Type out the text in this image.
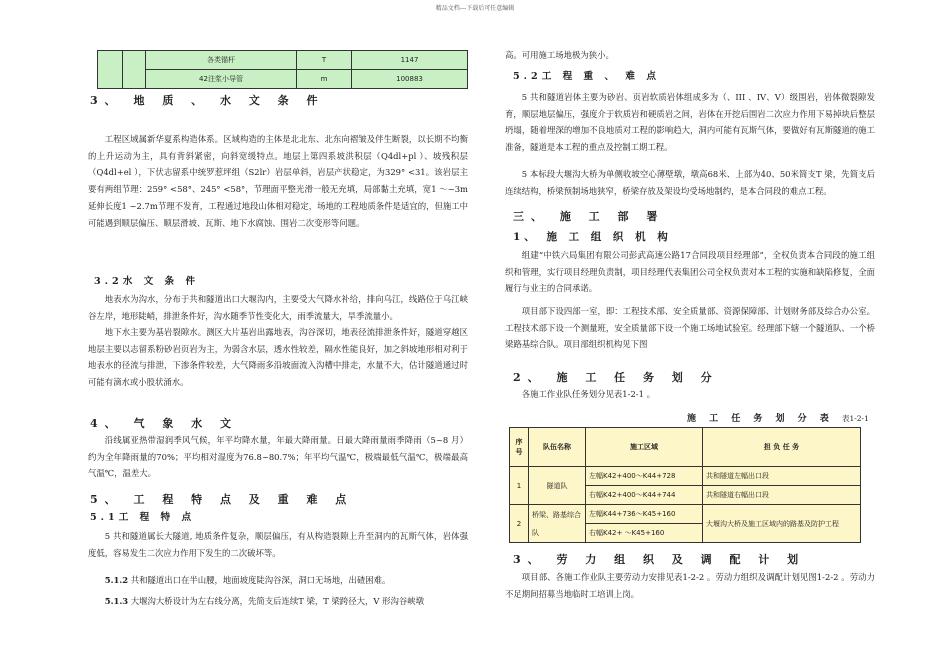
精品文档---下载后可任意编辑
		各类锚杆	T	1147
		42注浆小导管	m	100883
3、 地 质 、 水 文 条 件

工程区域属新华夏系构造体系。区域构造的主体是北北东、北东向褶皱及伴生断裂，以长期不均衡的上升运动为主，具有背斜紧密，向斜宽缓特点。地层上第四系坡洪积层（Q4dl+pl ）、坡残积层（Q4dl+el ），下伏志留系中统罗惹坪组（S2lr）岩层单斜，岩层产状稳定，为329° <31。该岩层主要有两组节理：259° <58°、245° <58°，节理面平整光滑一般无充填，局部黏土充填，宽1 ～~3m延伸长度1 ~2.7m节理不发育，工程通过地段山体相对稳定，场地的工程地质条件是适宜的，但施工中可能遇到顺层偏压、顺层滑坡、瓦斯、地下水腐蚀、围岩二次变形等问题。

3.2水 文 条 件

地表水为沟水，分布于共和隧道出口大堰沟内，主要受大气降水补给，排向乌江，线路位于乌江峡谷左岸，地形陡峭，排泄条件好，沟水随季节性变化大，雨季流量大，旱季流量小。

地下水主要为基岩裂隙水。测区大片基岩出露地表，沟谷深切，地表径流排泄条件好，隧道穿越区地层主要以志留系粉砂岩页岩为主，为弱含水层，透水性较差，隔水性能良好，加之斜坡地形相对利于地表水的径流与排泄，下渗条件较差，大气降雨多沿坡面流入沟槽中排走，水量不大，估计隧道通过时可能有滴水或小股状涌水。

4、 气 象 水 文

沿线属亚热带湿润季风气候，年平均降水量，年最大降雨量。日最大降雨量雨季降雨（5~8 月）约为全年降雨量的70%；平均相对湿度为76.8~80.7%；年平均气温℃，极端最低气温℃，极端最高气温℃，温差大。

5、 工 程 特 点 及 重 难 点
5.1工 程 特 点

5 共和隧道属长大隧道, 地质条件复杂，顺层偏压，有从构造裂隙上升至洞内的瓦斯气体，岩体强度低，容易发生二次应力作用下发生的二次破坏等。

5.1.2 共和隧道出口在半山腰，地面坡度陡沟谷深，洞口无场地，出碴困难。

5.1.3 大堰沟大桥设计为左右线分离，先简支后连续T 梁，T 梁跨径大，V 形沟谷峡墩

高。可用施工场地极为狭小。

5.2工 程 重 、 难 点

5 共和隧道岩体主要为砂岩、页岩软质岩体组成多为（、III 、IV、V）级围岩，岩体微裂隙发育，顺层地层偏压，强度介于软质岩和硬质岩之间，岩体在开挖后围岩二次应力作用下易掉块后整层坍塌，随着埋深的增加不良地质对工程的影响趋大，洞内可能有瓦斯气体，要做好有瓦斯隧道的施工准备，隧道是本工程的重点及控制工期工程。

5 本标段大堰沟大桥为单侧收坡空心薄壁墩，墩高68米、上部为40、50米简支T 梁，先简支后连续结构，桥梁预制场地狭窄，桥梁存放及架设均受场地制约，是本合同段的难点工程。

三、 施 工 部 署
1、 施 工 组 织 机 构

组建“中铁六局集团有限公司彭武高速公路17合同段项目经理部”，全权负责本合同段的施工组织和管理，实行项目经理负责制，项目经理代表集团公司全权负责对本工程的实施和缺陷修复，全面履行与业主的合同承诺。

项目部下设四部一室，即：工程技术部、安全质量部、资源保障部、计划财务部及综合办公室。工程技术部下设一个测量班，安全质量部下设一个施工场地试验室。经理部下辖一个隧道队、一个桥梁路基综合队。项目部组织机构见下图

2、 施 工 任 务 划 分

各施工作业队任务划分见表1-2-1 。

3、 劳 力 组 织 及 调 配 计 划

项目部、各施工作业队主要劳动力安排见表1-2-2 。劳动力组织及调配计划见图1-2-2 。劳动力不足期间招募当地临时工培训上岗。

施 工 任 务 划 分 表 表1-2-1
序号	队伍名称	施工区域	担 负 任 务
1	隧道队	左幅K42+400～K44+728	共和隧道左幅出口段
		右幅K42+400～K44+744	共和隧道右幅出口段
2	桥梁、路基综合队	左幅K44+736～K45+160	大堰沟大桥及施工区域内的路基及防护工程
		右幅K42+ ～K45+160	
